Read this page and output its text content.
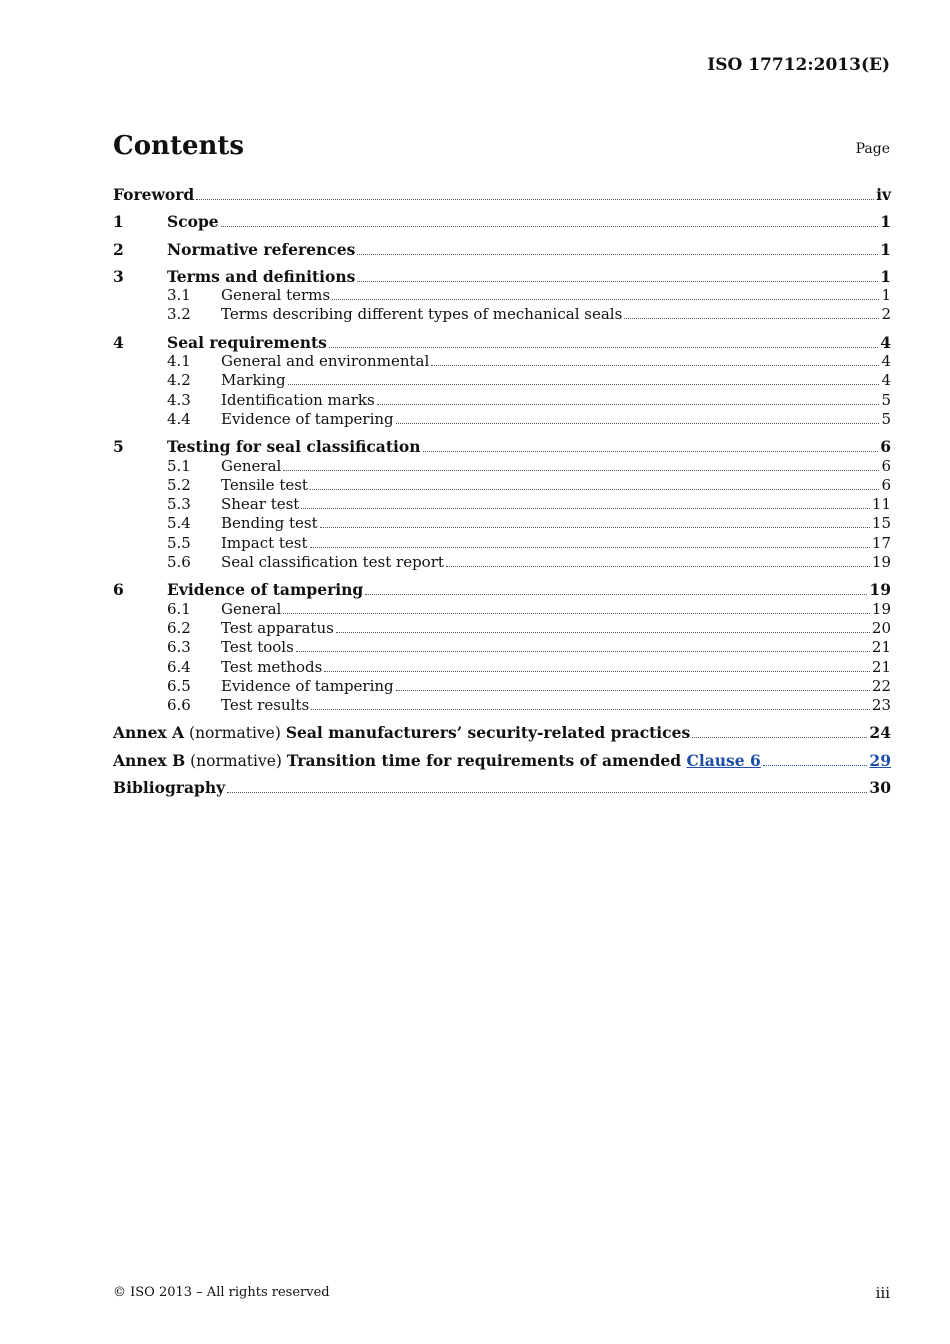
ISO 17712:2013(E)
Contents	Page
Foreword	iv
1	Scope	1
2	Normative references	1
3	Terms and definitions	1
3.1	General terms	1
3.2	Terms describing different types of mechanical seals	2
4	Seal requirements	4
4.1	General and environmental	4
4.2	Marking	4
4.3	Identification marks	5
4.4	Evidence of tampering	5
5	Testing for seal classification	6
5.1	General	6
5.2	Tensile test	6
5.3	Shear test	11
5.4	Bending test	15
5.5	Impact test	17
5.6	Seal classification test report	19
6	Evidence of tampering	19
6.1	General	19
6.2	Test apparatus	20
6.3	Test tools	21
6.4	Test methods	21
6.5	Evidence of tampering	22
6.6	Test results	23
Annex A (normative) Seal manufacturers’ security-related practices	24
Annex B (normative) Transition time for requirements of amended Clause 6	29
Bibliography	30
© ISO 2013 – All rights reserved	iii
